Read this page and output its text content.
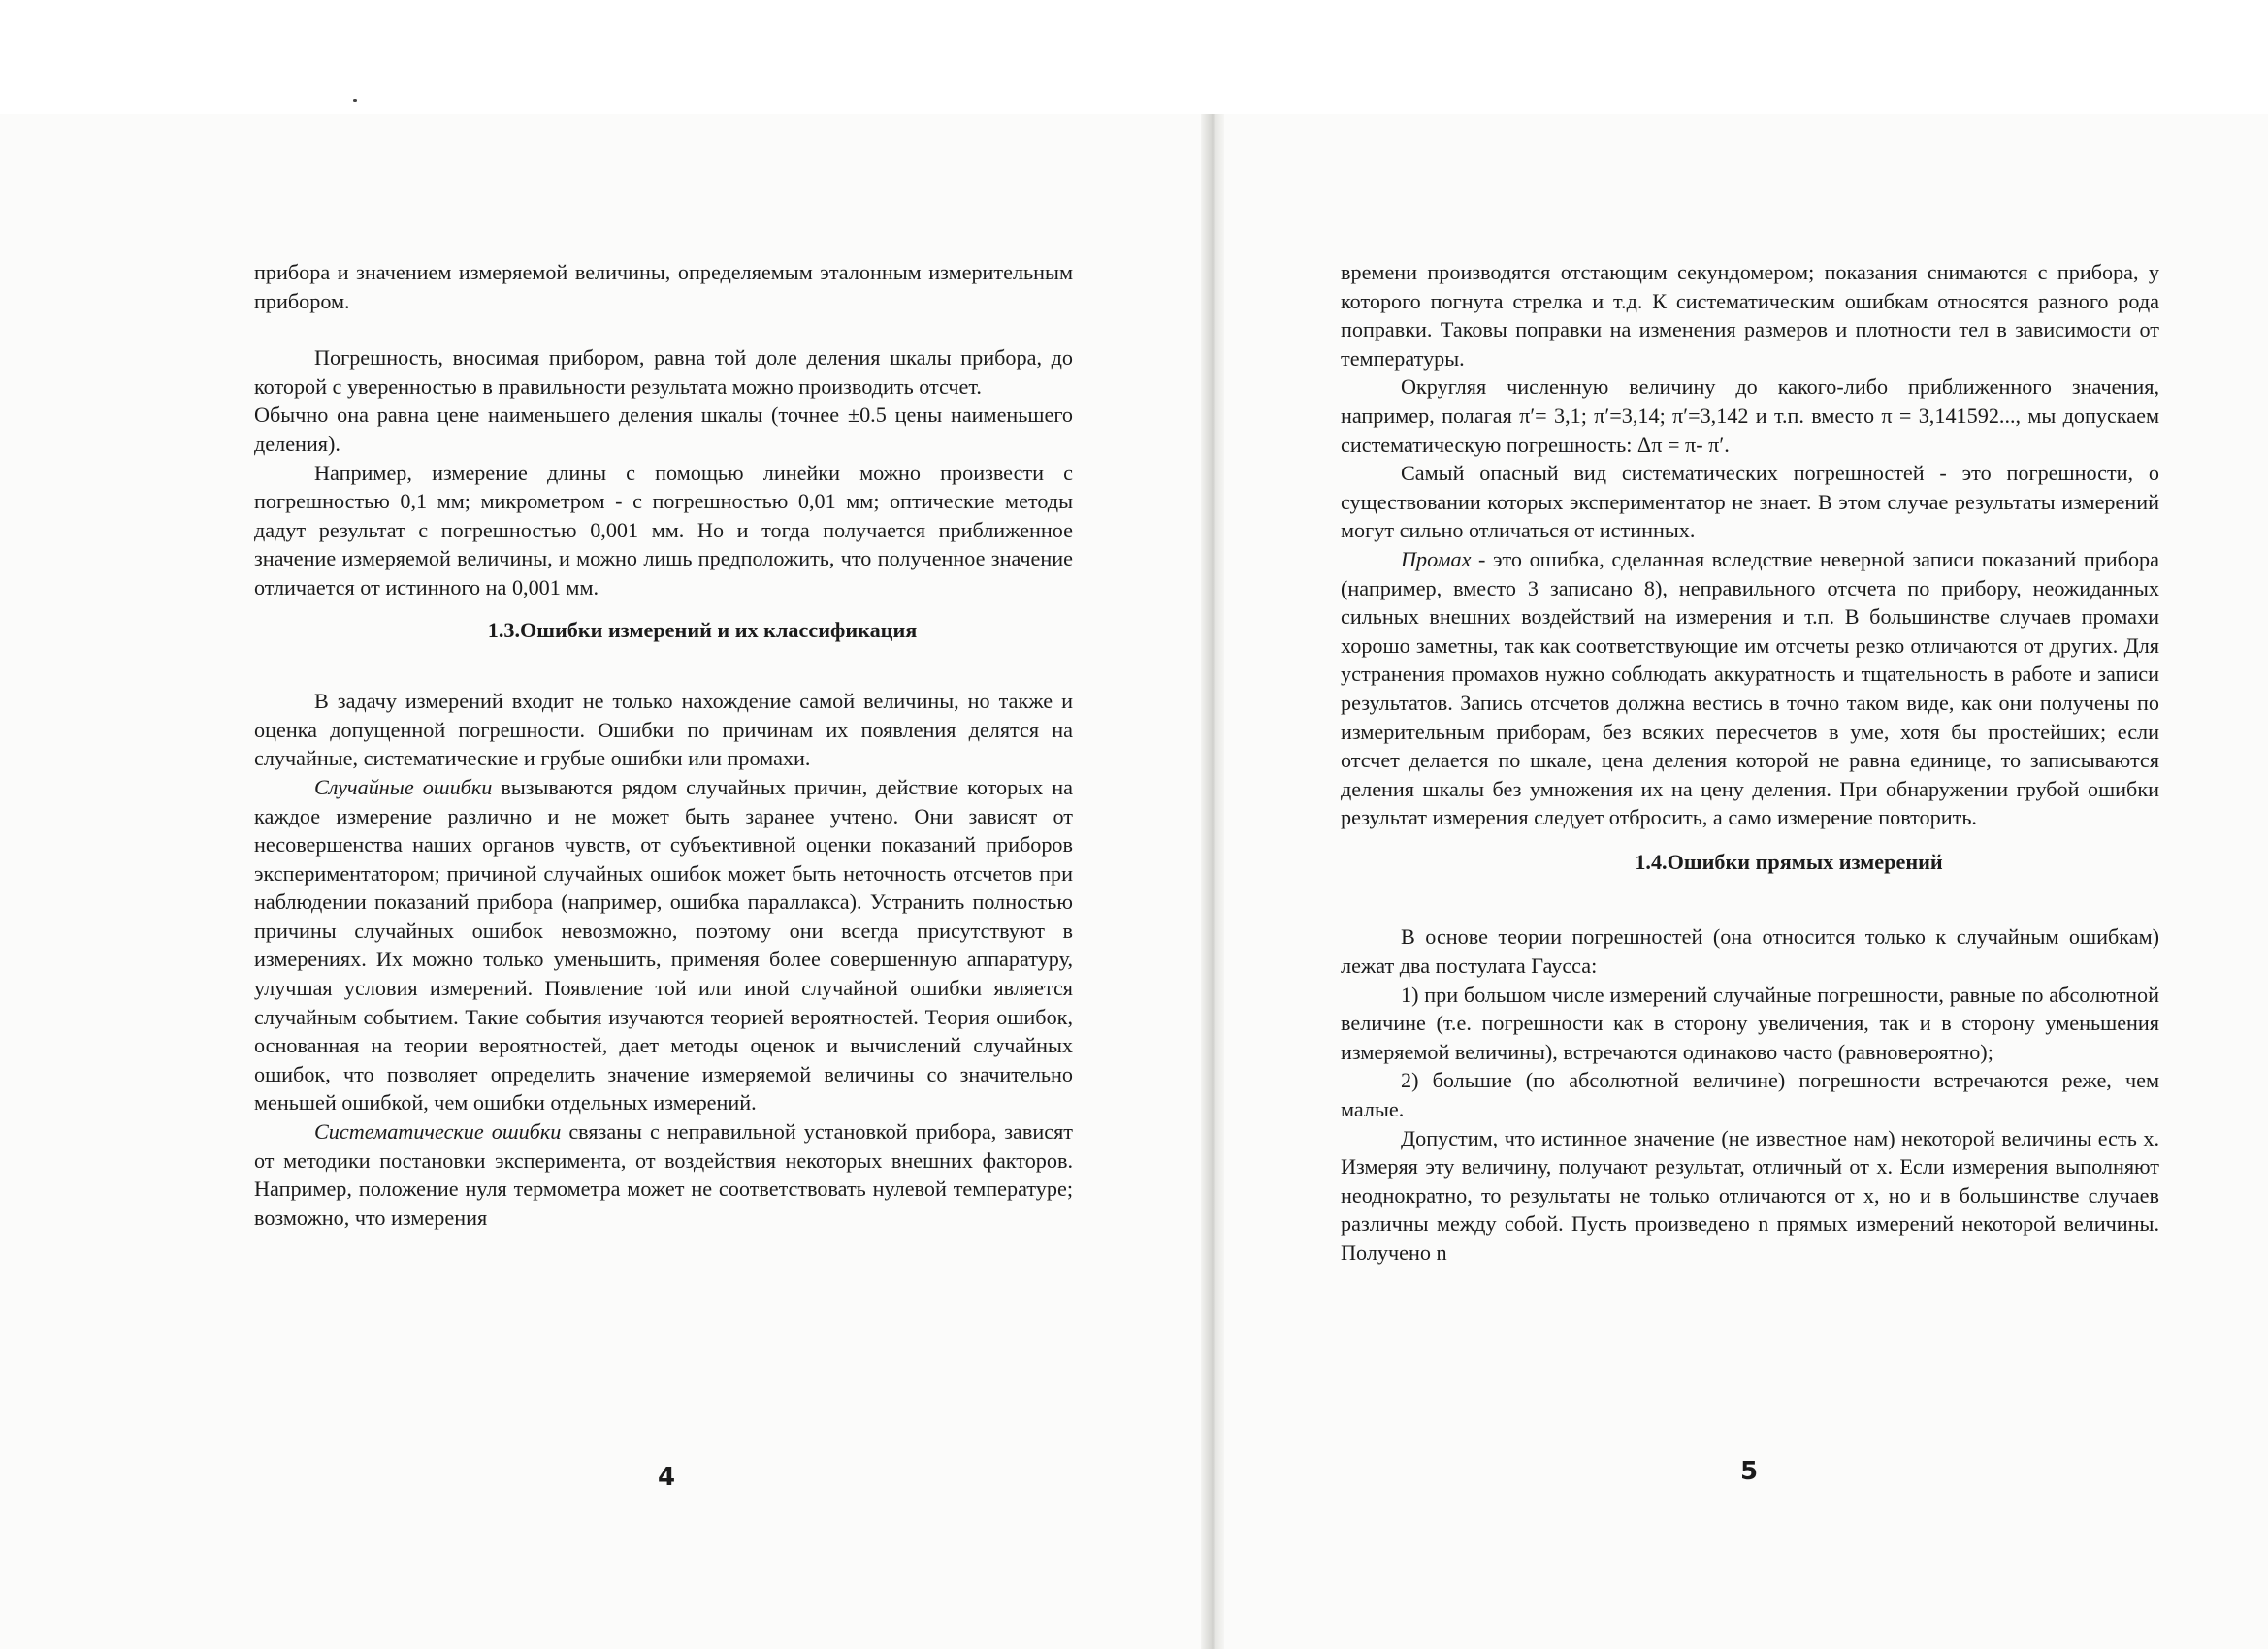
прибора и значением измеряемой величины, определяемым эталонным измерительным прибором.

Погрешность, вносимая прибором, равна той доле деления шкалы прибора, до которой с уверенностью в правильности результата можно производить отсчет.

Обычно она равна цене наименьшего деления шкалы (точнее ±0.5 цены наименьшего деления).

Например, измерение длины с помощью линейки можно произвести с погрешностью 0,1 мм; микрометром - с погрешностью 0,01 мм; оптические методы дадут результат с погрешностью 0,001 мм. Но и тогда получается приближенное значение измеряемой величины, и можно лишь предположить, что полученное значение отличается от истинного на 0,001 мм.

1.3.Ошибки измерений и их классификация

В задачу измерений входит не только нахождение самой величины, но также и оценка допущенной погрешности. Ошибки по причинам их появления делятся на случайные, систематические и грубые ошибки или промахи.

Случайные ошибки вызываются рядом случайных причин, действие которых на каждое измерение различно и не может быть заранее учтено. Они зависят от несовершенства наших органов чувств, от субъективной оценки показаний приборов экспериментатором; причиной случайных ошибок может быть неточность отсчетов при наблюдении показаний прибора (например, ошибка параллакса). Устранить полностью причины случайных ошибок невозможно, поэтому они всегда присутствуют в измерениях. Их можно только уменьшить, применяя более совершенную аппаратуру, улучшая условия измерений. Появление той или иной случайной ошибки является случайным событием. Такие события изучаются теорией вероятностей. Теория ошибок, основанная на теории вероятностей, дает методы оценок и вычислений случайных ошибок, что позволяет определить значение измеряемой величины со значительно меньшей ошибкой, чем ошибки отдельных измерений.

Систематические ошибки связаны с неправильной установкой прибора, зависят от методики постановки эксперимента, от воздействия некоторых внешних факторов. Например, положение нуля термометра может не соответствовать нулевой температуре; возможно, что измерения

4

времени производятся отстающим секундомером; показания снимаются с прибора, у которого погнута стрелка и т.д. К систематическим ошибкам относятся разного рода поправки. Таковы поправки на изменения размеров и плотности тел в зависимости от температуры.

Округляя численную величину до какого-либо приближенного значения, например, полагая π′= 3,1; π′=3,14; π′=3,142 и т.п. вместо π = 3,141592..., мы допускаем систематическую погрешность: Δπ = π- π′.

Самый опасный вид систематических погрешностей - это погрешности, о существовании которых экспериментатор не знает. В этом случае результаты измерений могут сильно отличаться от истинных.

Промах - это ошибка, сделанная вследствие неверной записи показаний прибора (например, вместо 3 записано 8), неправильного отсчета по прибору, неожиданных сильных внешних воздействий на измерения и т.п. В большинстве случаев промахи хорошо заметны, так как соответствующие им отсчеты резко отличаются от других. Для устранения промахов нужно соблюдать аккуратность и тщательность в работе и записи результатов. Запись отсчетов должна вестись в точно таком виде, как они получены по измерительным приборам, без всяких пересчетов в уме, хотя бы простейших; если отсчет делается по шкале, цена деления которой не равна единице, то записываются деления шкалы без умножения их на цену деления. При обнаружении грубой ошибки результат измерения следует отбросить, а само измерение повторить.

1.4.Ошибки прямых измерений

В основе теории погрешностей (она относится только к случайным ошибкам) лежат два постулата Гаусса:

1) при большом числе измерений случайные погрешности, равные по абсолютной величине (т.е. погрешности как в сторону увеличения, так и в сторону уменьшения измеряемой величины), встречаются одинаково часто (равновероятно);

2) большие (по абсолютной величине) погрешности встречаются реже, чем малые.

Допустим, что истинное значение (не известное нам) некоторой величины есть x. Измеряя эту величину, получают результат, отличный от x. Если измерения выполняют неоднократно, то результаты не только отличаются от x, но и в большинстве случаев различны между собой. Пусть произведено n прямых измерений некоторой величины. Получено n

5
